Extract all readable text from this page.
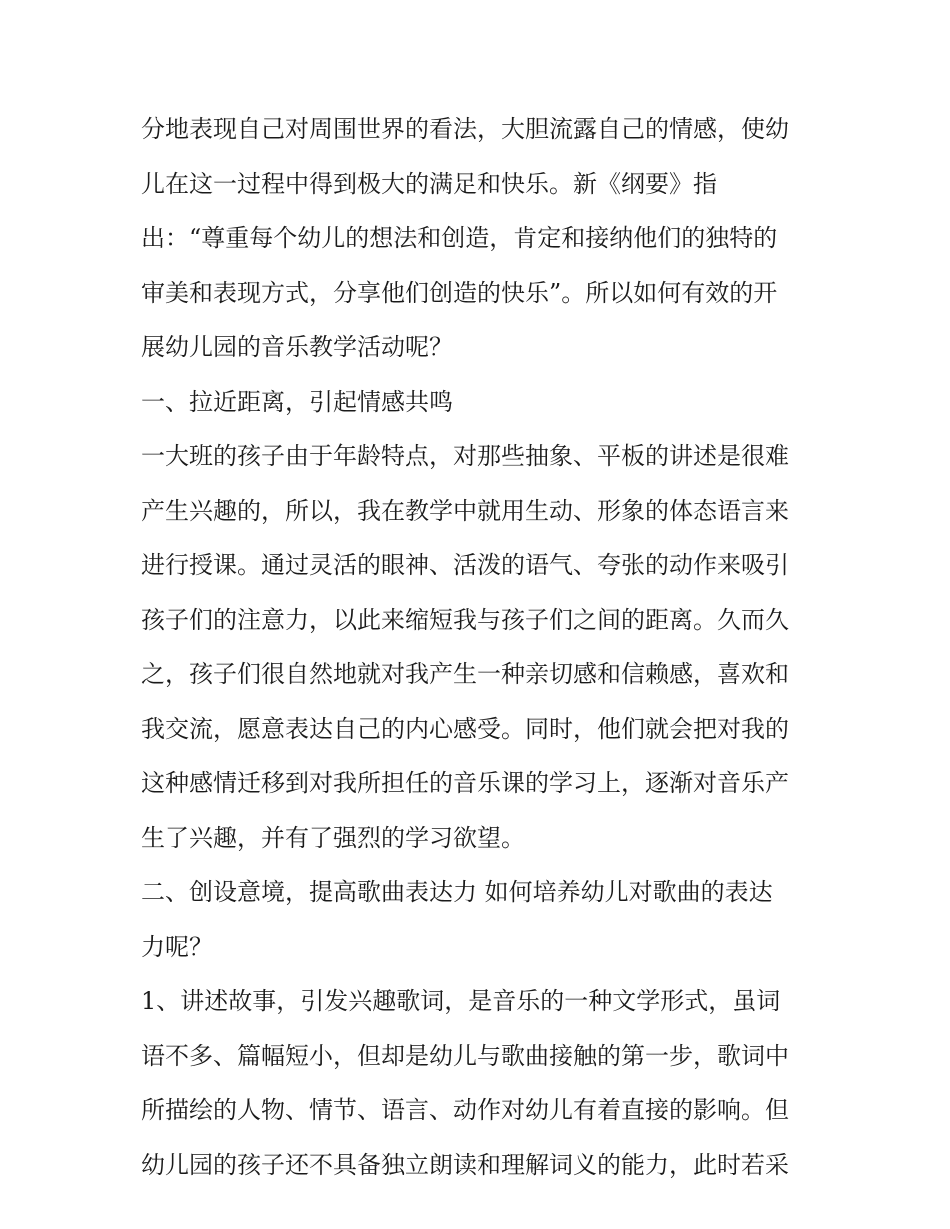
分地表现自己对周围世界的看法，大胆流露自己的情感，使幼
儿在这一过程中得到极大的满足和快乐。新《纲要》指
出：“尊重每个幼儿的想法和创造，肯定和接纳他们的独特的
审美和表现方式，分享他们创造的快乐”。所以如何有效的开
展幼儿园的音乐教学活动呢？
一、拉近距离，引起情感共鸣
一大班的孩子由于年龄特点，对那些抽象、平板的讲述是很难
产生兴趣的，所以，我在教学中就用生动、形象的体态语言来
进行授课。通过灵活的眼神、活泼的语气、夸张的动作来吸引
孩子们的注意力，以此来缩短我与孩子们之间的距离。久而久
之，孩子们很自然地就对我产生一种亲切感和信赖感，喜欢和
我交流，愿意表达自己的内心感受。同时，他们就会把对我的
这种感情迁移到对我所担任的音乐课的学习上，逐渐对音乐产
生了兴趣，并有了强烈的学习欲望。
二、创设意境，提高歌曲表达力 如何培养幼儿对歌曲的表达
力呢？
1、讲述故事，引发兴趣歌词，是音乐的一种文学形式，虽词
语不多、篇幅短小，但却是幼儿与歌曲接触的第一步，歌词中
所描绘的人物、情节、语言、动作对幼儿有着直接的影响。但
幼儿园的孩子还不具备独立朗读和理解词义的能力，此时若采
